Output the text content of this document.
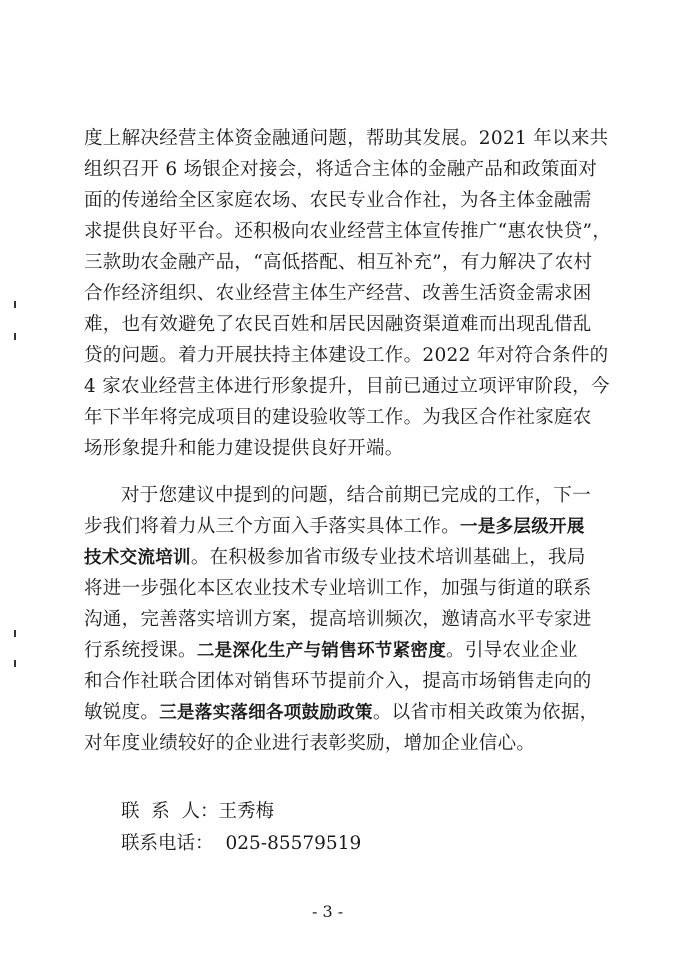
度上解决经营主体资金融通问题，帮助其发展。2021 年以来共
组织召开 6 场银企对接会，将适合主体的金融产品和政策面对
面的传递给全区家庭农场、农民专业合作社，为各主体金融需
求提供良好平台。还积极向农业经营主体宣传推广“惠农快贷”，
三款助农金融产品，“高低搭配、相互补充”，有力解决了农村
合作经济组织、农业经营主体生产经营、改善生活资金需求困
难，也有效避免了农民百姓和居民因融资渠道难而出现乱借乱
贷的问题。着力开展扶持主体建设工作。2022 年对符合条件的
4 家农业经营主体进行形象提升，目前已通过立项评审阶段，今
年下半年将完成项目的建设验收等工作。为我区合作社家庭农
场形象提升和能力建设提供良好开端。
对于您建议中提到的问题，结合前期已完成的工作，下一
步我们将着力从三个方面入手落实具体工作。一是多层级开展
技术交流培训。在积极参加省市级专业技术培训基础上，我局
将进一步强化本区农业技术专业培训工作，加强与街道的联系
沟通，完善落实培训方案，提高培训频次，邀请高水平专家进
行系统授课。二是深化生产与销售环节紧密度。引导农业企业
和合作社联合团体对销售环节提前介入，提高市场销售走向的
敏锐度。三是落实落细各项鼓励政策。以省市相关政策为依据，
对年度业绩较好的企业进行表彰奖励，增加企业信心。
联  系  人：王秀梅
联系电话： 025-85579519
- 3 -
